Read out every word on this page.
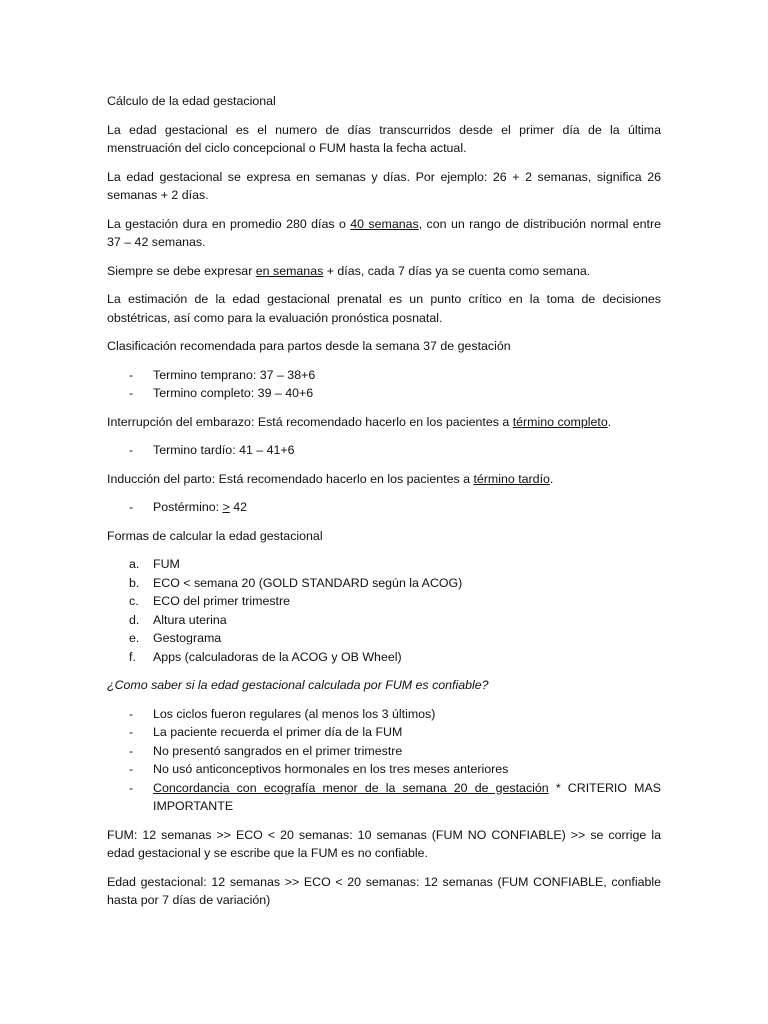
Cálculo de la edad gestacional

La edad gestacional es el numero de días transcurridos desde el primer día de la última menstruación del ciclo concepcional o FUM hasta la fecha actual.

La edad gestacional se expresa en semanas y días. Por ejemplo: 26 + 2 semanas, significa 26 semanas + 2 días.

La gestación dura en promedio 280 días o 40 semanas, con un rango de distribución normal entre 37 – 42 semanas.

Siempre se debe expresar en semanas + días, cada 7 días ya se cuenta como semana.

La estimación de la edad gestacional prenatal es un punto crítico en la toma de decisiones obstétricas, así como para la evaluación pronóstica posnatal.

Clasificación recomendada para partos desde la semana 37 de gestación

- Termino temprano: 37 – 38+6
- Termino completo: 39 – 40+6

Interrupción del embarazo: Está recomendado hacerlo en los pacientes a término completo.

- Termino tardío: 41 – 41+6

Inducción del parto: Está recomendado hacerlo en los pacientes a término tardío.

- Postérmino: > 42

Formas de calcular la edad gestacional

a. FUM
b. ECO < semana 20 (GOLD STANDARD según la ACOG)
c. ECO del primer trimestre
d. Altura uterina
e. Gestograma
f. Apps (calculadoras de la ACOG y OB Wheel)

¿Como saber si la edad gestacional calculada por FUM es confiable?

- Los ciclos fueron regulares (al menos los 3 últimos)
- La paciente recuerda el primer día de la FUM
- No presentó sangrados en el primer trimestre
- No usó anticonceptivos hormonales en los tres meses anteriores
- Concordancia con ecografía menor de la semana 20 de gestación * CRITERIO MAS IMPORTANTE

FUM: 12 semanas >> ECO < 20 semanas: 10 semanas (FUM NO CONFIABLE) >> se corrige la edad gestacional y se escribe que la FUM es no confiable.

Edad gestacional: 12 semanas >> ECO < 20 semanas: 12 semanas (FUM CONFIABLE, confiable hasta por 7 días de variación)
